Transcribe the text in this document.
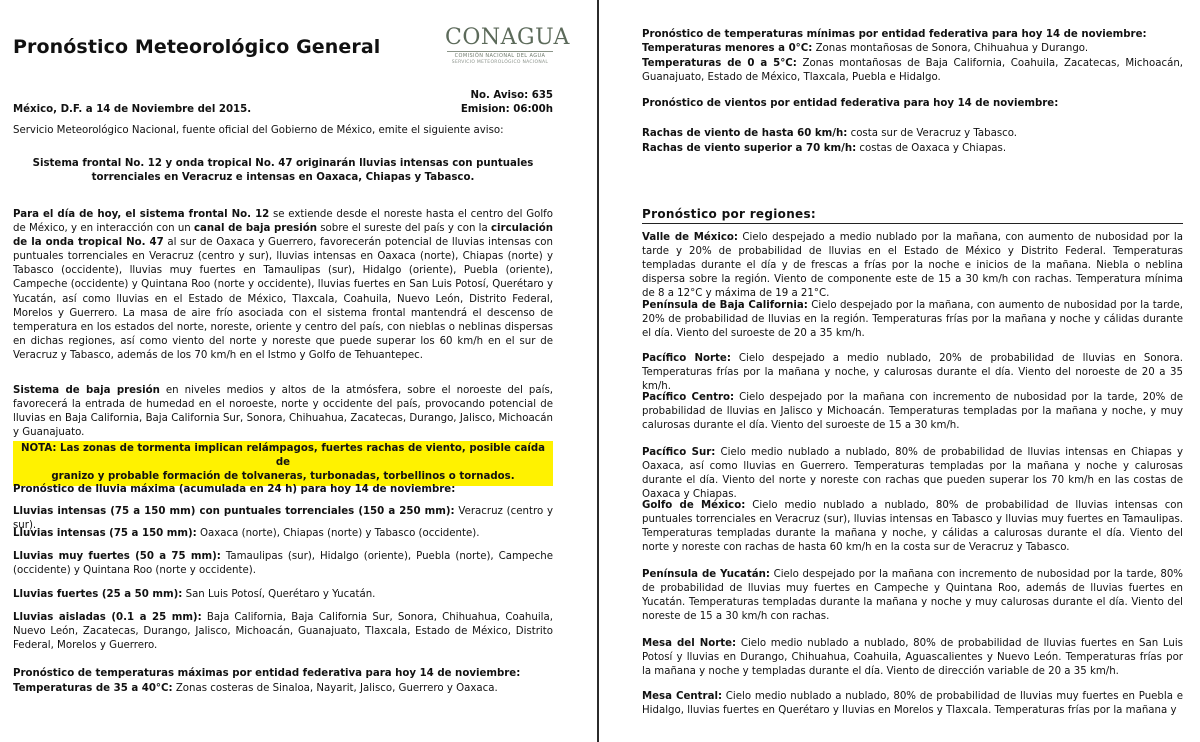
Pronóstico Meteorológico General	CONAGUA
COMISIÓN NACIONAL DEL AGUA
SERVICIO METEOROLÓGICO NACIONAL

No. Aviso: 635

México, D.F. a 14 de Noviembre del 2015.	Emision: 06:00h

Servicio Meteorológico Nacional, fuente oficial del Gobierno de México, emite el siguiente aviso:

Sistema frontal No. 12 y onda tropical No. 47 originarán lluvias intensas con puntuales

torrenciales en Veracruz e intensas en Oaxaca, Chiapas y Tabasco.

Para el día de hoy, el sistema frontal No. 12 se extiende desde el noreste hasta el centro del Golfo de México, y en interacción con un canal de baja presión sobre el sureste del país y con la circulación de la onda tropical No. 47 al sur de Oaxaca y Guerrero, favorecerán potencial de lluvias intensas con puntuales torrenciales en Veracruz (centro y sur), lluvias intensas en Oaxaca (norte), Chiapas (norte) y Tabasco (occidente), lluvias muy fuertes en Tamaulipas (sur), Hidalgo (oriente), Puebla (oriente), Campeche (occidente) y Quintana Roo (norte y occidente), lluvias fuertes en San Luis Potosí, Querétaro y Yucatán, así como lluvias en el Estado de México, Tlaxcala, Coahuila, Nuevo León, Distrito Federal, Morelos y Guerrero. La masa de aire frío asociada con el sistema frontal mantendrá el descenso de temperatura en los estados del norte, noreste, oriente y centro del país, con nieblas o neblinas dispersas en dichas regiones, así como viento del norte y noreste que puede superar los 60 km/h en el sur de Veracruz y Tabasco, además de los 70 km/h en el Istmo y Golfo de Tehuantepec.

Sistema de baja presión en niveles medios y altos de la atmósfera, sobre el noroeste del país, favorecerá la entrada de humedad en el noroeste, norte y occidente del país, provocando potencial de lluvias en Baja California, Baja California Sur, Sonora, Chihuahua, Zacatecas, Durango, Jalisco, Michoacán y Guanajuato.

NOTA: Las zonas de tormenta implican relámpagos, fuertes rachas de viento, posible caída de

granizo y probable formación de tolvaneras, turbonadas, torbellinos o tornados.

Pronóstico de lluvia máxima (acumulada en 24 h) para hoy 14 de noviembre:

Lluvias intensas (75 a 150 mm) con puntuales torrenciales (150 a 250 mm): Veracruz (centro y sur).

Lluvias intensas (75 a 150 mm): Oaxaca (norte), Chiapas (norte) y Tabasco (occidente).

Lluvias muy fuertes (50 a 75 mm): Tamaulipas (sur), Hidalgo (oriente), Puebla (norte), Campeche (occidente) y Quintana Roo (norte y occidente).

Lluvias fuertes (25 a 50 mm): San Luis Potosí, Querétaro y Yucatán.

Lluvias aisladas (0.1 a 25 mm): Baja California, Baja California Sur, Sonora, Chihuahua, Coahuila, Nuevo León, Zacatecas, Durango, Jalisco, Michoacán, Guanajuato, Tlaxcala, Estado de México, Distrito Federal, Morelos y Guerrero.

Pronóstico de temperaturas máximas por entidad federativa para hoy 14 de noviembre:

Temperaturas de 35 a 40°C: Zonas costeras de Sinaloa, Nayarit, Jalisco, Guerrero y Oaxaca.

Pronóstico de temperaturas mínimas por entidad federativa para hoy 14 de noviembre:

Temperaturas menores a 0°C: Zonas montañosas de Sonora, Chihuahua y Durango.

Temperaturas de 0 a 5°C: Zonas montañosas de Baja California, Coahuila, Zacatecas, Michoacán, Guanajuato, Estado de México, Tlaxcala, Puebla e Hidalgo.

Pronóstico de vientos por entidad federativa para hoy 14 de noviembre:

Rachas de viento de hasta 60 km/h: costa sur de Veracruz y Tabasco.

Rachas de viento superior a 70 km/h: costas de Oaxaca y Chiapas.

Pronóstico por regiones:

Valle de México: Cielo despejado a medio nublado por la mañana, con aumento de nubosidad por la tarde y 20% de probabilidad de lluvias en el Estado de México y Distrito Federal. Temperaturas templadas durante el día y de frescas a frías por la noche e inicios de la mañana. Niebla o neblina dispersa sobre la región. Viento de componente este de 15 a 30 km/h con rachas. Temperatura mínima de 8 a 12°C y máxima de 19 a 21°C.

Península de Baja California: Cielo despejado por la mañana, con aumento de nubosidad por la tarde, 20% de probabilidad de lluvias en la región. Temperaturas frías por la mañana y noche y cálidas durante el día. Viento del suroeste de 20 a 35 km/h.

Pacífico Norte: Cielo despejado a medio nublado, 20% de probabilidad de lluvias en Sonora. Temperaturas frías por la mañana y noche, y calurosas durante el día. Viento del noroeste de 20 a 35 km/h.

Pacífico Centro: Cielo despejado por la mañana con incremento de nubosidad por la tarde, 20% de probabilidad de lluvias en Jalisco y Michoacán. Temperaturas templadas por la mañana y noche, y muy calurosas durante el día. Viento del suroeste de 15 a 30 km/h.

Pacífico Sur: Cielo medio nublado a nublado, 80% de probabilidad de lluvias intensas en Chiapas y Oaxaca, así como lluvias en Guerrero. Temperaturas templadas por la mañana y noche y calurosas durante el día. Viento del norte y noreste con rachas que pueden superar los 70 km/h en las costas de Oaxaca y Chiapas.

Golfo de México: Cielo medio nublado a nublado, 80% de probabilidad de lluvias intensas con puntuales torrenciales en Veracruz (sur), lluvias intensas en Tabasco y lluvias muy fuertes en Tamaulipas. Temperaturas templadas durante la mañana y noche, y cálidas a calurosas durante el día. Viento del norte y noreste con rachas de hasta 60 km/h en la costa sur de Veracruz y Tabasco.

Península de Yucatán: Cielo despejado por la mañana con incremento de nubosidad por la tarde, 80% de probabilidad de lluvias muy fuertes en Campeche y Quintana Roo, además de lluvias fuertes en Yucatán. Temperaturas templadas durante la mañana y noche y muy calurosas durante el día. Viento del noreste de 15 a 30 km/h con rachas.

Mesa del Norte: Cielo medio nublado a nublado, 80% de probabilidad de lluvias fuertes en San Luis Potosí y lluvias en Durango, Chihuahua, Coahuila, Aguascalientes y Nuevo León. Temperaturas frías por la mañana y noche y templadas durante el día. Viento de dirección variable de 20 a 35 km/h.

Mesa Central: Cielo medio nublado a nublado, 80% de probabilidad de lluvias muy fuertes en Puebla e Hidalgo, lluvias fuertes en Querétaro y lluvias en Morelos y Tlaxcala. Temperaturas frías por la mañana y
